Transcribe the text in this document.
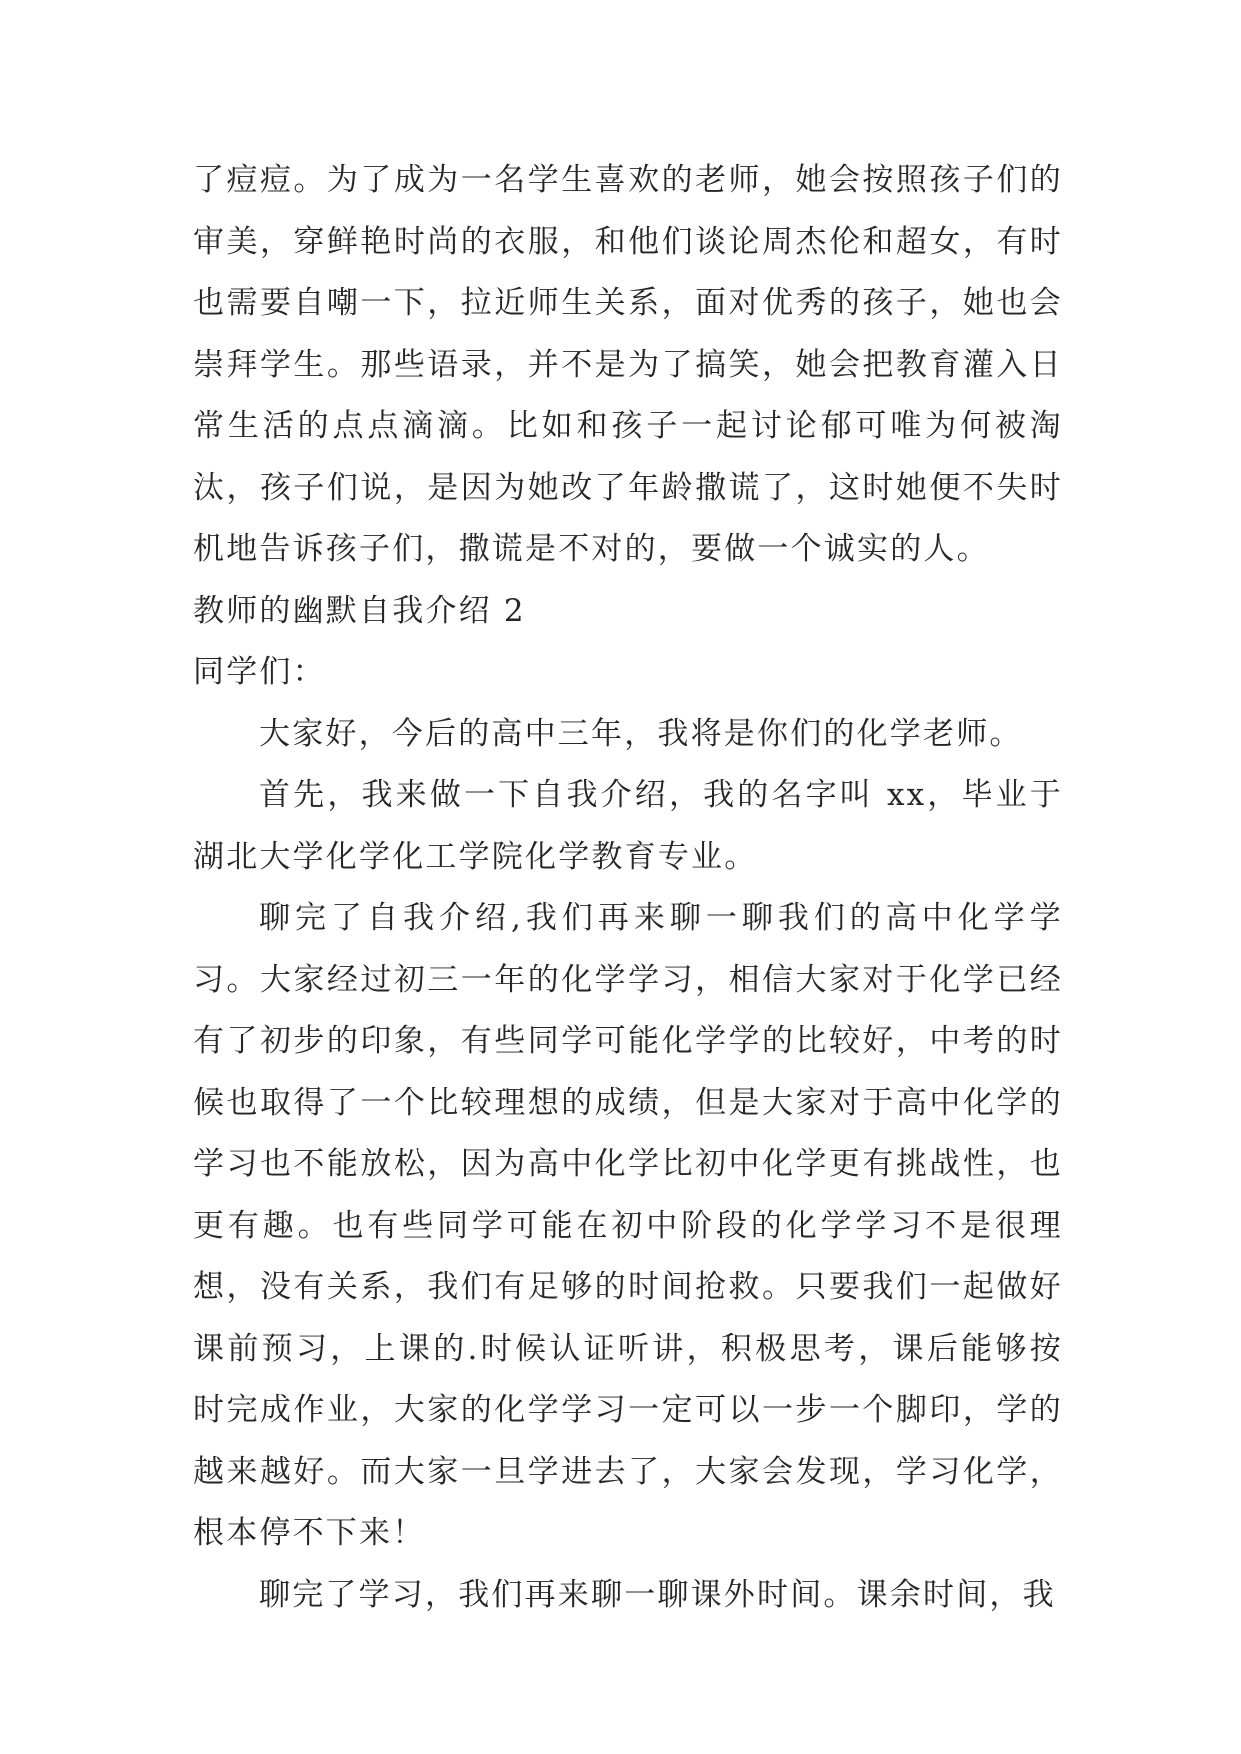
了痘痘。为了成为一名学生喜欢的老师，她会按照孩子们的审美，穿鲜艳时尚的衣服，和他们谈论周杰伦和超女，有时也需要自嘲一下，拉近师生关系，面对优秀的孩子，她也会崇拜学生。那些语录，并不是为了搞笑，她会把教育灌入日常生活的点点滴滴。比如和孩子一起讨论郁可唯为何被淘汰，孩子们说，是因为她改了年龄撒谎了，这时她便不失时机地告诉孩子们，撒谎是不对的，要做一个诚实的人。

教师的幽默自我介绍 2

同学们：

大家好，今后的高中三年，我将是你们的化学老师。

首先，我来做一下自我介绍，我的名字叫 xx，毕业于湖北大学化学化工学院化学教育专业。

聊完了自我介绍,我们再来聊一聊我们的高中化学学习。大家经过初三一年的化学学习，相信大家对于化学已经有了初步的印象，有些同学可能化学学的比较好，中考的时候也取得了一个比较理想的成绩，但是大家对于高中化学的学习也不能放松，因为高中化学比初中化学更有挑战性，也更有趣。也有些同学可能在初中阶段的化学学习不是很理想，没有关系，我们有足够的时间抢救。只要我们一起做好课前预习，上课的.时候认证听讲，积极思考，课后能够按时完成作业，大家的化学学习一定可以一步一个脚印，学的越来越好。而大家一旦学进去了，大家会发现，学习化学，根本停不下来！

聊完了学习，我们再来聊一聊课外时间。课余时间，我
